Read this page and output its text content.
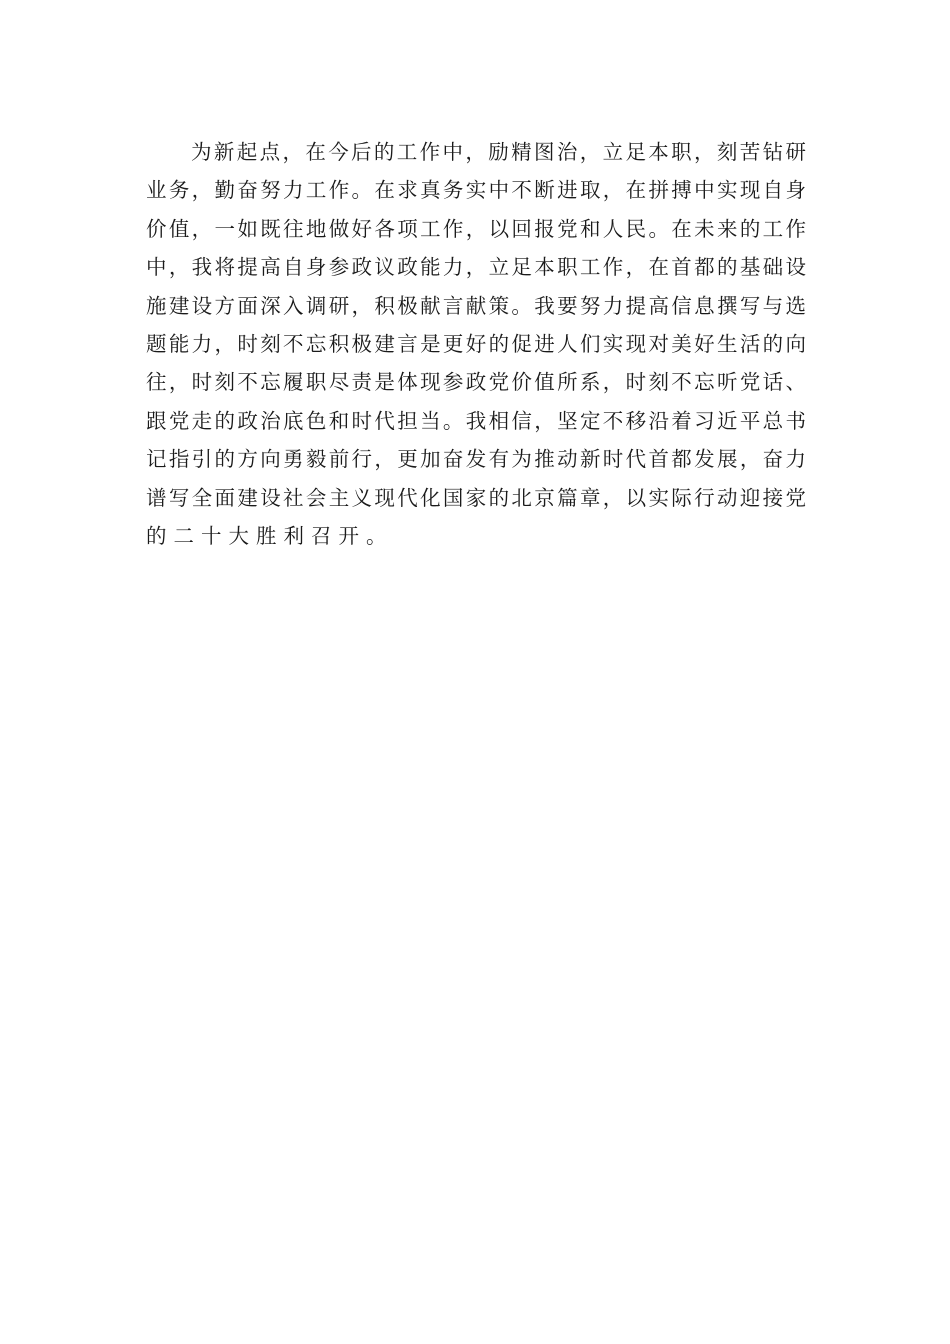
为新起点，在今后的工作中，励精图治，立足本职，刻苦钻研
业务，勤奋努力工作。在求真务实中不断进取，在拼搏中实现自身
价值，一如既往地做好各项工作，以回报党和人民。在未来的工作
中，我将提高自身参政议政能力，立足本职工作，在首都的基础设
施建设方面深入调研，积极献言献策。我要努力提高信息撰写与选
题能力，时刻不忘积极建言是更好的促进人们实现对美好生活的向
往，时刻不忘履职尽责是体现参政党价值所系，时刻不忘听党话、
跟党走的政治底色和时代担当。我相信，坚定不移沿着习近平总书
记指引的方向勇毅前行，更加奋发有为推动新时代首都发展，奋力
谱写全面建设社会主义现代化国家的北京篇章，以实际行动迎接党
的二十大胜利召开。
